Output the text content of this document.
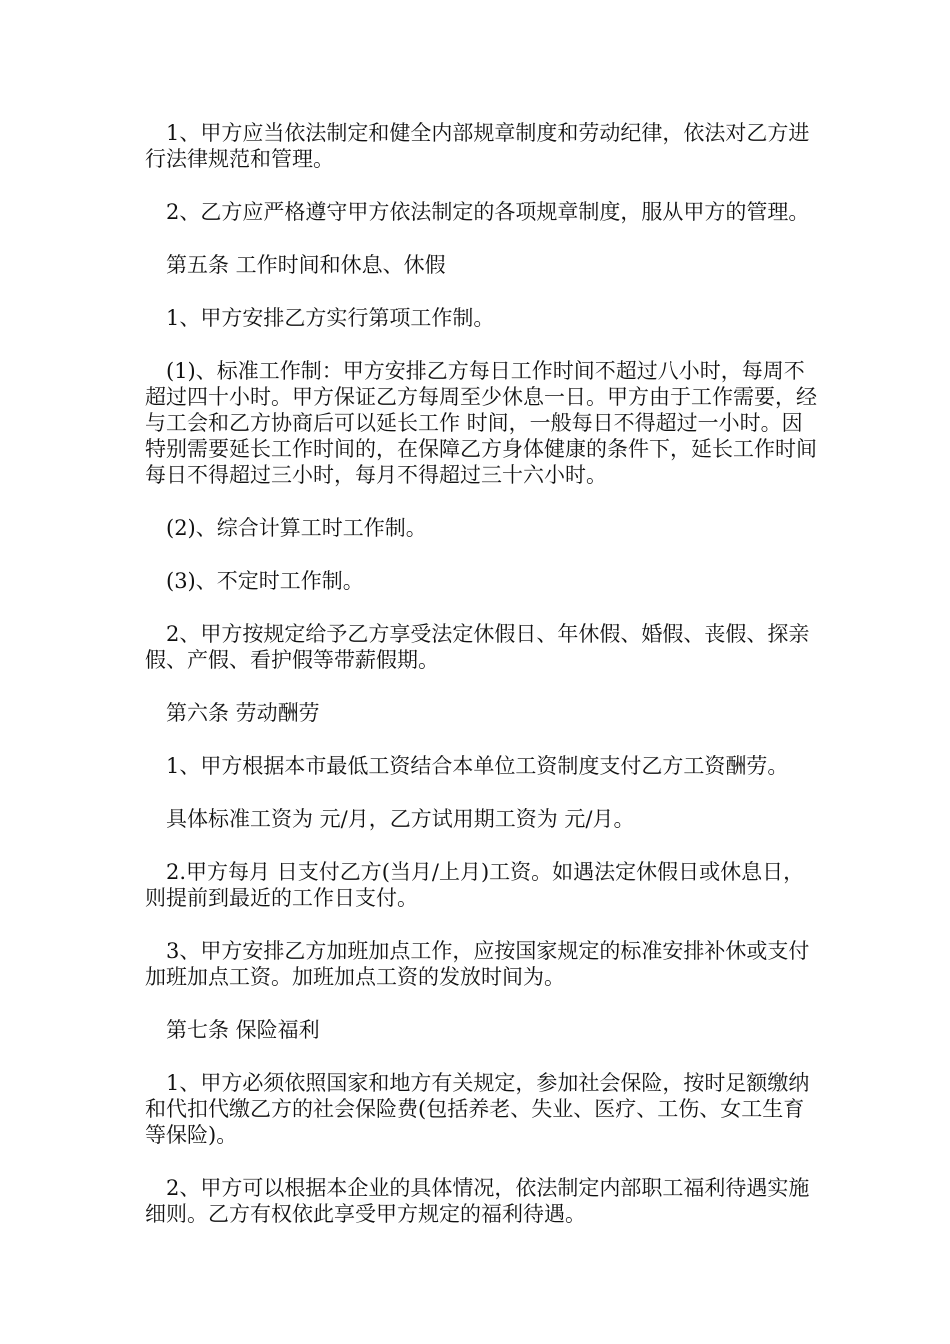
1、甲方应当依法制定和健全内部规章制度和劳动纪律，依法对乙方进行法律规范和管理。

2、乙方应严格遵守甲方依法制定的各项规章制度，服从甲方的管理。

第五条 工作时间和休息、休假

1、甲方安排乙方实行第项工作制。

(1)、标准工作制：甲方安排乙方每日工作时间不超过八小时，每周不超过四十小时。甲方保证乙方每周至少休息一日。甲方由于工作需要，经与工会和乙方协商后可以延长工作 时间，一般每日不得超过一小时。因特别需要延长工作时间的，在保障乙方身体健康的条件下，延长工作时间每日不得超过三小时，每月不得超过三十六小时。

(2)、综合计算工时工作制。

(3)、不定时工作制。

2、甲方按规定给予乙方享受法定休假日、年休假、婚假、丧假、探亲假、产假、看护假等带薪假期。

第六条 劳动酬劳

1、甲方根据本市最低工资结合本单位工资制度支付乙方工资酬劳。

具体标准工资为 元/月，乙方试用期工资为 元/月。

2.甲方每月 日支付乙方(当月/上月)工资。如遇法定休假日或休息日，则提前到最近的工作日支付。

3、甲方安排乙方加班加点工作，应按国家规定的标准安排补休或支付加班加点工资。加班加点工资的发放时间为。

第七条 保险福利

1、甲方必须依照国家和地方有关规定，参加社会保险，按时足额缴纳和代扣代缴乙方的社会保险费(包括养老、失业、医疗、工伤、女工生育等保险)。

2、甲方可以根据本企业的具体情况，依法制定内部职工福利待遇实施细则。乙方有权依此享受甲方规定的福利待遇。
